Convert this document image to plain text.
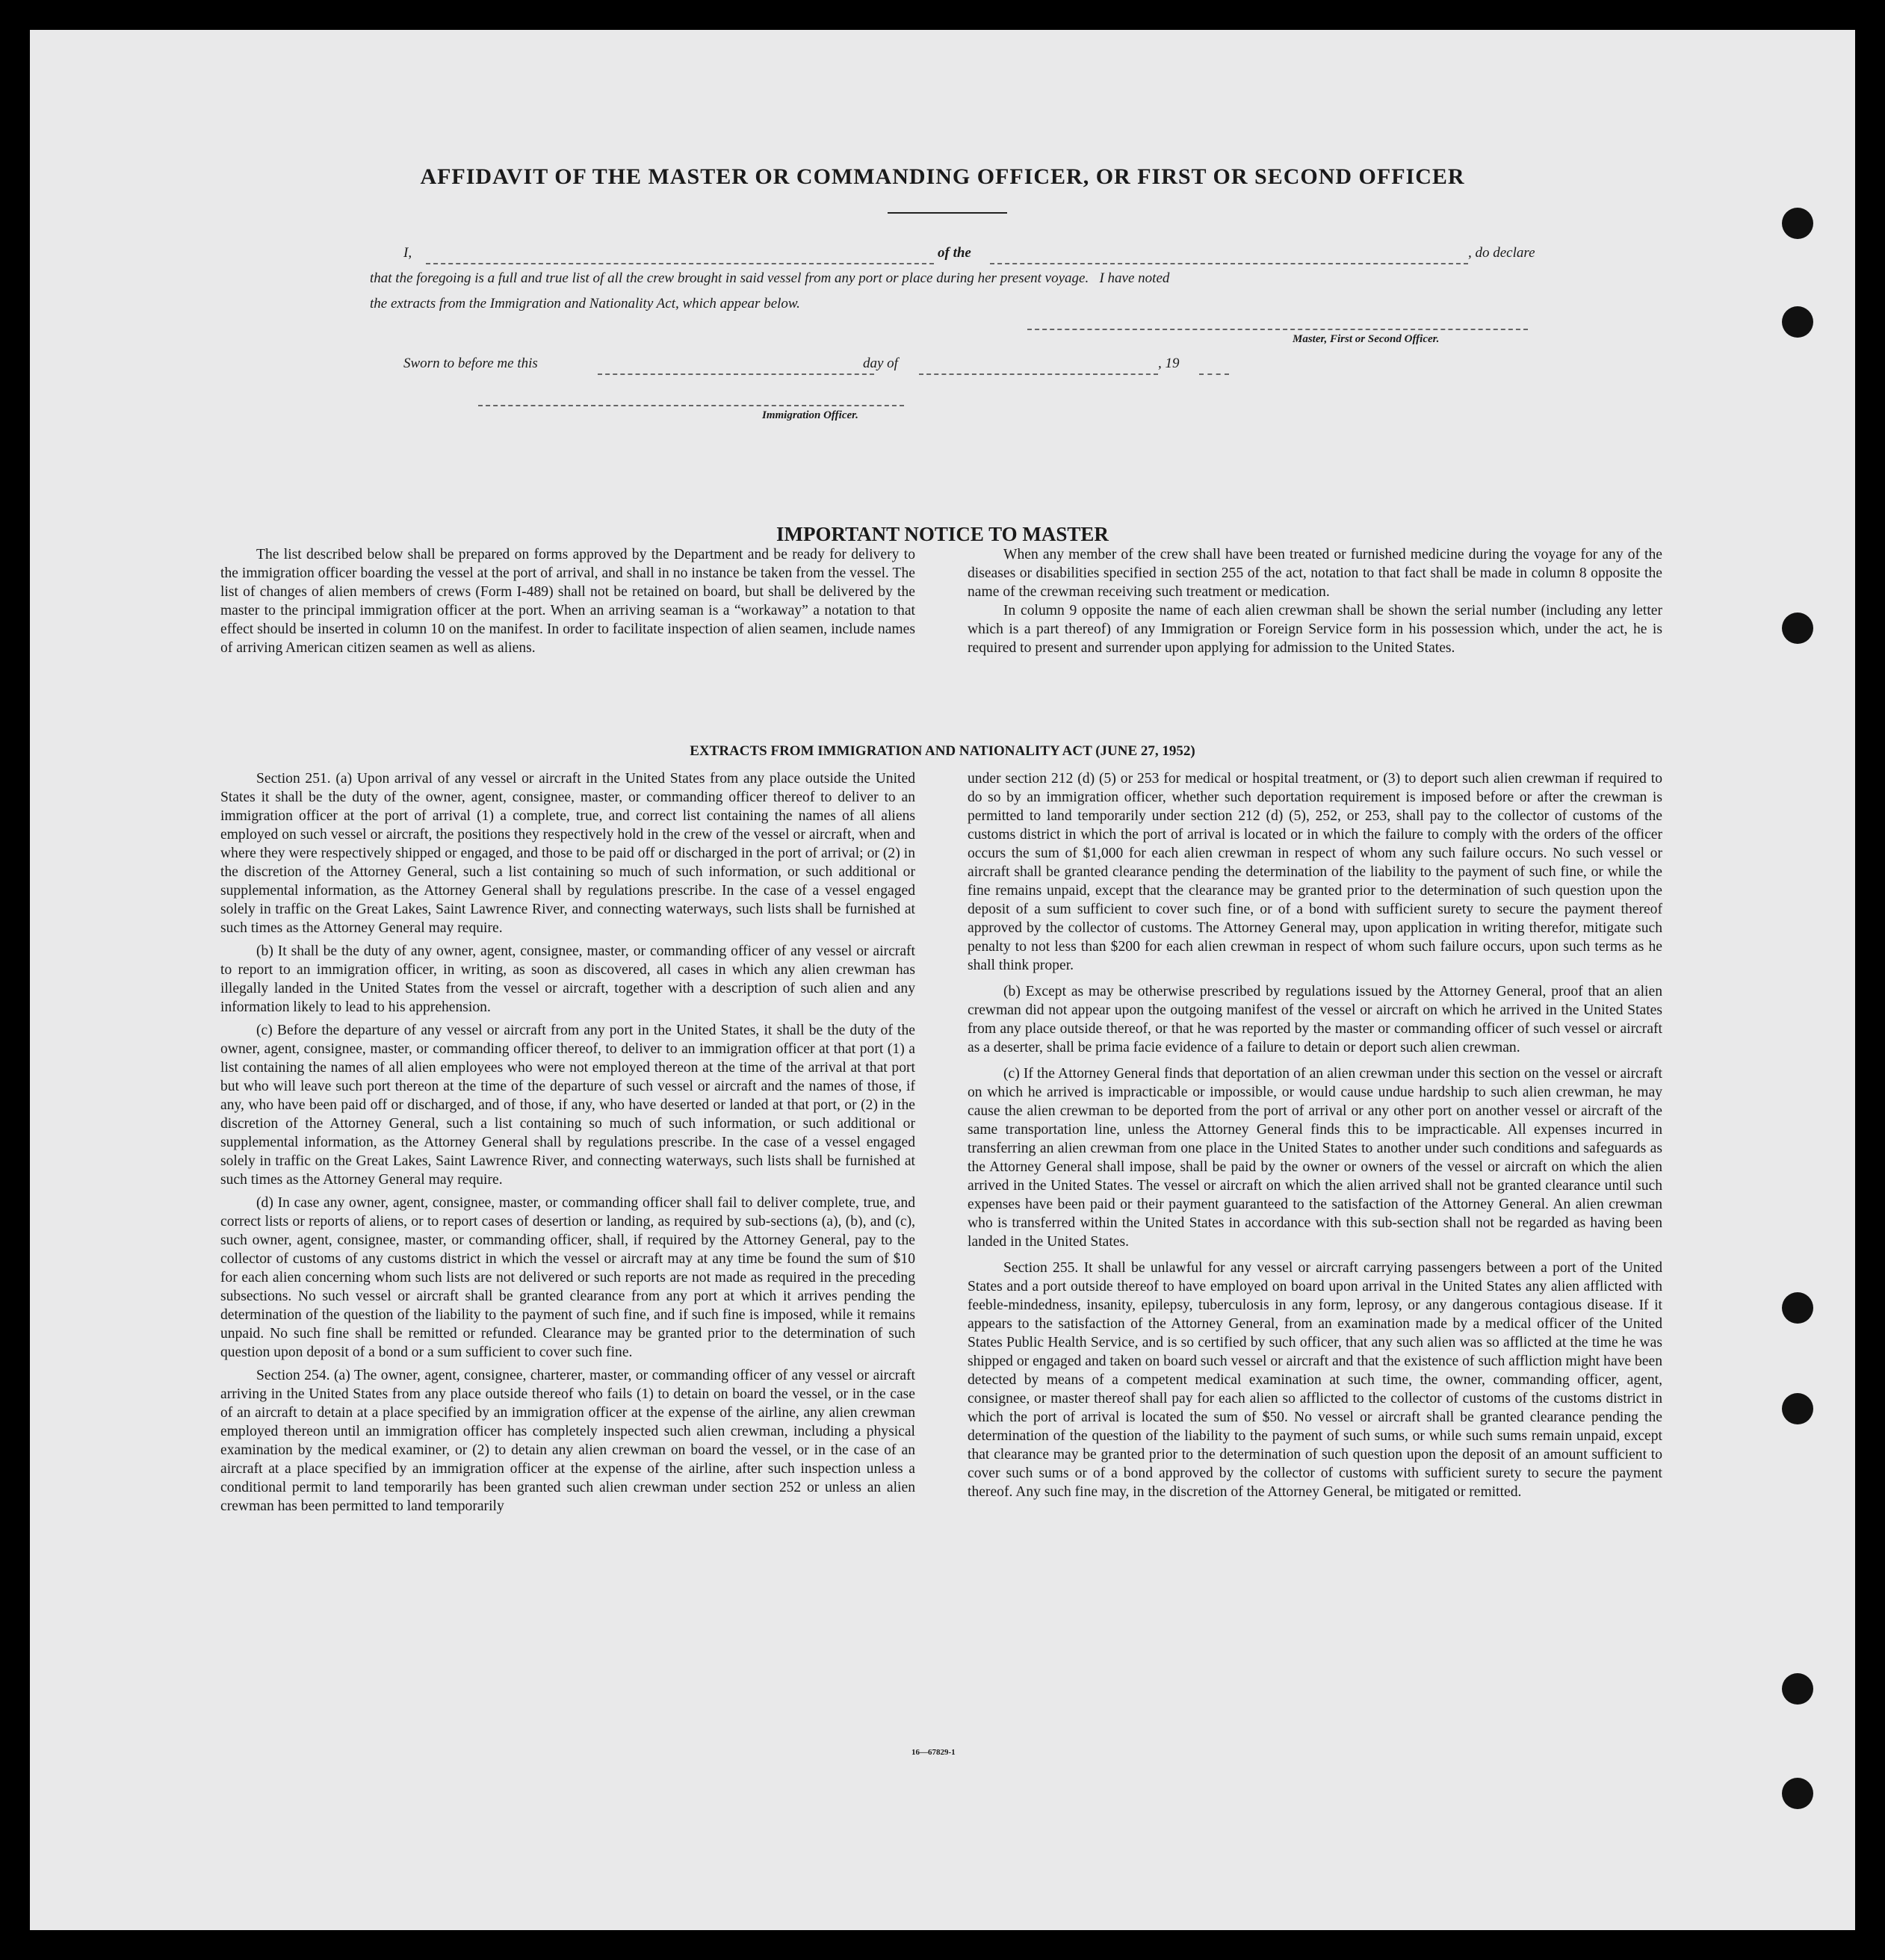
AFFIDAVIT OF THE MASTER OR COMMANDING OFFICER, OR FIRST OR SECOND OFFICER
I,	of the	, do declare
that the foregoing is a full and true list of all the crew brought in said vessel from any port or place during her present voyage.   I have noted
the extracts from the Immigration and Nationality Act, which appear below.
Master, First or Second Officer.
Sworn to before me this	day of	, 19
Immigration Officer.
IMPORTANT NOTICE TO MASTER

The list described below shall be prepared on forms approved by the Department and be ready for delivery to the immigration officer boarding the vessel at the port of arrival, and shall in no instance be taken from the vessel. The list of changes of alien members of crews (Form I-489) shall not be retained on board, but shall be delivered by the master to the principal immigration officer at the port. When an arriving seaman is a “workaway” a notation to that effect should be inserted in column 10 on the manifest. In order to facilitate inspection of alien seamen, include names of arriving American citizen seamen as well as aliens.

When any member of the crew shall have been treated or furnished medicine during the voyage for any of the diseases or disabilities specified in section 255 of the act, notation to that fact shall be made in column 8 opposite the name of the crewman receiving such treatment or medication.

In column 9 opposite the name of each alien crewman shall be shown the serial number (including any letter which is a part thereof) of any Immigration or Foreign Service form in his possession which, under the act, he is required to present and surrender upon applying for admission to the United States.

EXTRACTS FROM IMMIGRATION AND NATIONALITY ACT (JUNE 27, 1952)

Section 251. (a) Upon arrival of any vessel or aircraft in the United States from any place outside the United States it shall be the duty of the owner, agent, consignee, master, or commanding officer thereof to deliver to an immigration officer at the port of arrival (1) a complete, true, and correct list containing the names of all aliens employed on such vessel or aircraft, the positions they respectively hold in the crew of the vessel or aircraft, when and where they were respectively shipped or engaged, and those to be paid off or discharged in the port of arrival; or (2) in the discretion of the Attorney General, such a list containing so much of such information, or such additional or supplemental information, as the Attorney General shall by regulations prescribe. In the case of a vessel engaged solely in traffic on the Great Lakes, Saint Lawrence River, and connecting waterways, such lists shall be furnished at such times as the Attorney General may require.

(b) It shall be the duty of any owner, agent, consignee, master, or commanding officer of any vessel or aircraft to report to an immigration officer, in writing, as soon as discovered, all cases in which any alien crewman has illegally landed in the United States from the vessel or aircraft, together with a description of such alien and any information likely to lead to his apprehension.

(c) Before the departure of any vessel or aircraft from any port in the United States, it shall be the duty of the owner, agent, consignee, master, or commanding officer thereof, to deliver to an immigration officer at that port (1) a list containing the names of all alien employees who were not employed thereon at the time of the arrival at that port but who will leave such port thereon at the time of the departure of such vessel or aircraft and the names of those, if any, who have been paid off or discharged, and of those, if any, who have deserted or landed at that port, or (2) in the discretion of the Attorney General, such a list containing so much of such information, or such additional or supplemental information, as the Attorney General shall by regulations prescribe. In the case of a vessel engaged solely in traffic on the Great Lakes, Saint Lawrence River, and connecting waterways, such lists shall be furnished at such times as the Attorney General may require.

(d) In case any owner, agent, consignee, master, or commanding officer shall fail to deliver complete, true, and correct lists or reports of aliens, or to report cases of desertion or landing, as required by sub-sections (a), (b), and (c), such owner, agent, consignee, master, or commanding officer, shall, if required by the Attorney General, pay to the collector of customs of any customs district in which the vessel or aircraft may at any time be found the sum of $10 for each alien concerning whom such lists are not delivered or such reports are not made as required in the preceding subsections. No such vessel or aircraft shall be granted clearance from any port at which it arrives pending the determination of the question of the liability to the payment of such fine, and if such fine is imposed, while it remains unpaid. No such fine shall be remitted or refunded. Clearance may be granted prior to the determination of such question upon deposit of a bond or a sum sufficient to cover such fine.

Section 254. (a) The owner, agent, consignee, charterer, master, or commanding officer of any vessel or aircraft arriving in the United States from any place outside thereof who fails (1) to detain on board the vessel, or in the case of an aircraft to detain at a place specified by an immigration officer at the expense of the airline, any alien crewman employed thereon until an immigration officer has completely inspected such alien crewman, including a physical examination by the medical examiner, or (2) to detain any alien crewman on board the vessel, or in the case of an aircraft at a place specified by an immigration officer at the expense of the airline, after such inspection unless a conditional permit to land temporarily has been granted such alien crewman under section 252 or unless an alien crewman has been permitted to land temporarily

under section 212 (d) (5) or 253 for medical or hospital treatment, or (3) to deport such alien crewman if required to do so by an immigration officer, whether such deportation requirement is imposed before or after the crewman is permitted to land temporarily under section 212 (d) (5), 252, or 253, shall pay to the collector of customs of the customs district in which the port of arrival is located or in which the failure to comply with the orders of the officer occurs the sum of $1,000 for each alien crewman in respect of whom any such failure occurs. No such vessel or aircraft shall be granted clearance pending the determination of the liability to the payment of such fine, or while the fine remains unpaid, except that the clearance may be granted prior to the determination of such question upon the deposit of a sum sufficient to cover such fine, or of a bond with sufficient surety to secure the payment thereof approved by the collector of customs. The Attorney General may, upon application in writing therefor, mitigate such penalty to not less than $200 for each alien crewman in respect of whom such failure occurs, upon such terms as he shall think proper.

(b) Except as may be otherwise prescribed by regulations issued by the Attorney General, proof that an alien crewman did not appear upon the outgoing manifest of the vessel or aircraft on which he arrived in the United States from any place outside thereof, or that he was reported by the master or commanding officer of such vessel or aircraft as a deserter, shall be prima facie evidence of a failure to detain or deport such alien crewman.

(c) If the Attorney General finds that deportation of an alien crewman under this section on the vessel or aircraft on which he arrived is impracticable or impossible, or would cause undue hardship to such alien crewman, he may cause the alien crewman to be deported from the port of arrival or any other port on another vessel or aircraft of the same transportation line, unless the Attorney General finds this to be impracticable. All expenses incurred in transferring an alien crewman from one place in the United States to another under such conditions and safeguards as the Attorney General shall impose, shall be paid by the owner or owners of the vessel or aircraft on which the alien arrived in the United States. The vessel or aircraft on which the alien arrived shall not be granted clearance until such expenses have been paid or their payment guaranteed to the satisfaction of the Attorney General. An alien crewman who is transferred within the United States in accordance with this sub-section shall not be regarded as having been landed in the United States.

Section 255. It shall be unlawful for any vessel or aircraft carrying passengers between a port of the United States and a port outside thereof to have employed on board upon arrival in the United States any alien afflicted with feeble-mindedness, insanity, epilepsy, tuberculosis in any form, leprosy, or any dangerous contagious disease. If it appears to the satisfaction of the Attorney General, from an examination made by a medical officer of the United States Public Health Service, and is so certified by such officer, that any such alien was so afflicted at the time he was shipped or engaged and taken on board such vessel or aircraft and that the existence of such affliction might have been detected by means of a competent medical examination at such time, the owner, commanding officer, agent, consignee, or master thereof shall pay for each alien so afflicted to the collector of customs of the customs district in which the port of arrival is located the sum of $50. No vessel or aircraft shall be granted clearance pending the determination of the question of the liability to the payment of such sums, or while such sums remain unpaid, except that clearance may be granted prior to the determination of such question upon the deposit of an amount sufficient to cover such sums or of a bond approved by the collector of customs with sufficient surety to secure the payment thereof. Any such fine may, in the discretion of the Attorney General, be mitigated or remitted.

16—67829-1
